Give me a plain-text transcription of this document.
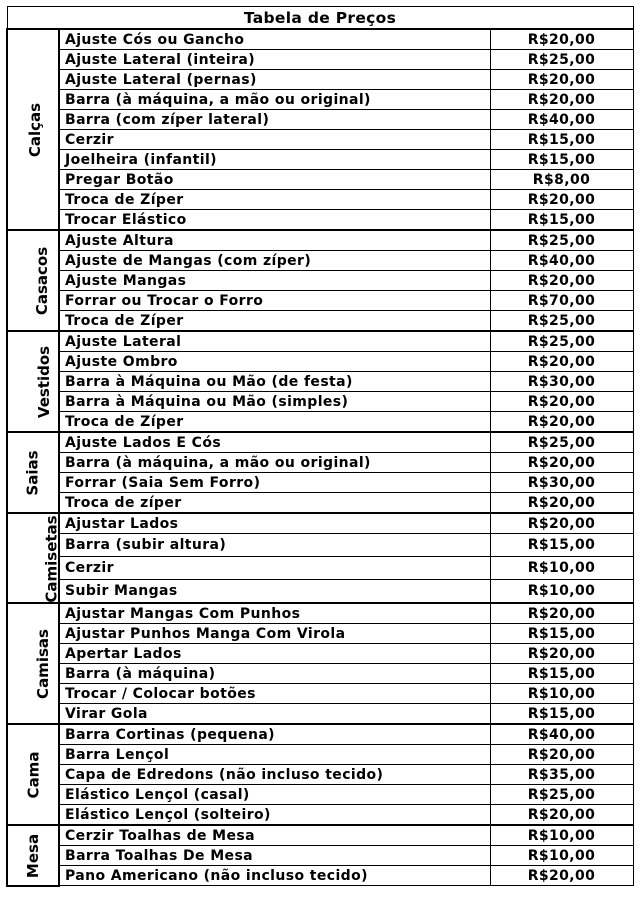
Tabela de Preços		
Calças	Ajuste Cós ou Gancho	R$20,00
	Ajuste Lateral (inteira)	R$25,00
	Ajuste Lateral (pernas)	R$20,00
	Barra (à máquina, a mão ou original)	R$20,00
	Barra (com zíper lateral)	R$40,00
	Cerzir	R$15,00
	Joelheira (infantil)	R$15,00
	Pregar Botão	R$8,00
	Troca de Zíper	R$20,00
	Trocar Elástico	R$15,00
Casacos	Ajuste Altura	R$25,00
	Ajuste de Mangas (com zíper)	R$40,00
	Ajuste Mangas	R$20,00
	Forrar ou Trocar o Forro	R$70,00
	Troca de Zíper	R$25,00
Vestidos	Ajuste Lateral	R$25,00
	Ajuste Ombro	R$20,00
	Barra à Máquina ou Mão (de festa)	R$30,00
	Barra à Máquina ou Mão (simples)	R$20,00
	Troca de Zíper	R$20,00
Saias	Ajuste Lados E Cós	R$25,00
	Barra (à máquina, a mão ou original)	R$20,00
	Forrar (Saia Sem Forro)	R$30,00
	Troca de zíper	R$20,00
Camisetas	Ajustar Lados	R$20,00
	Barra (subir altura)	R$15,00
	Cerzir	R$10,00
	Subir Mangas	R$10,00
Camisas	Ajustar Mangas Com Punhos	R$20,00
	Ajustar Punhos Manga Com Virola	R$15,00
	Apertar Lados	R$20,00
	Barra (à máquina)	R$15,00
	Trocar / Colocar botões	R$10,00
	Virar Gola	R$15,00
Cama	Barra Cortinas (pequena)	R$40,00
	Barra Lençol	R$20,00
	Capa de Edredons (não incluso tecido)	R$35,00
	Elástico Lençol (casal)	R$25,00
	Elástico Lençol (solteiro)	R$20,00
Mesa	Cerzir Toalhas de Mesa	R$10,00
	Barra Toalhas De Mesa	R$10,00
	Pano Americano (não incluso tecido)	R$20,00
